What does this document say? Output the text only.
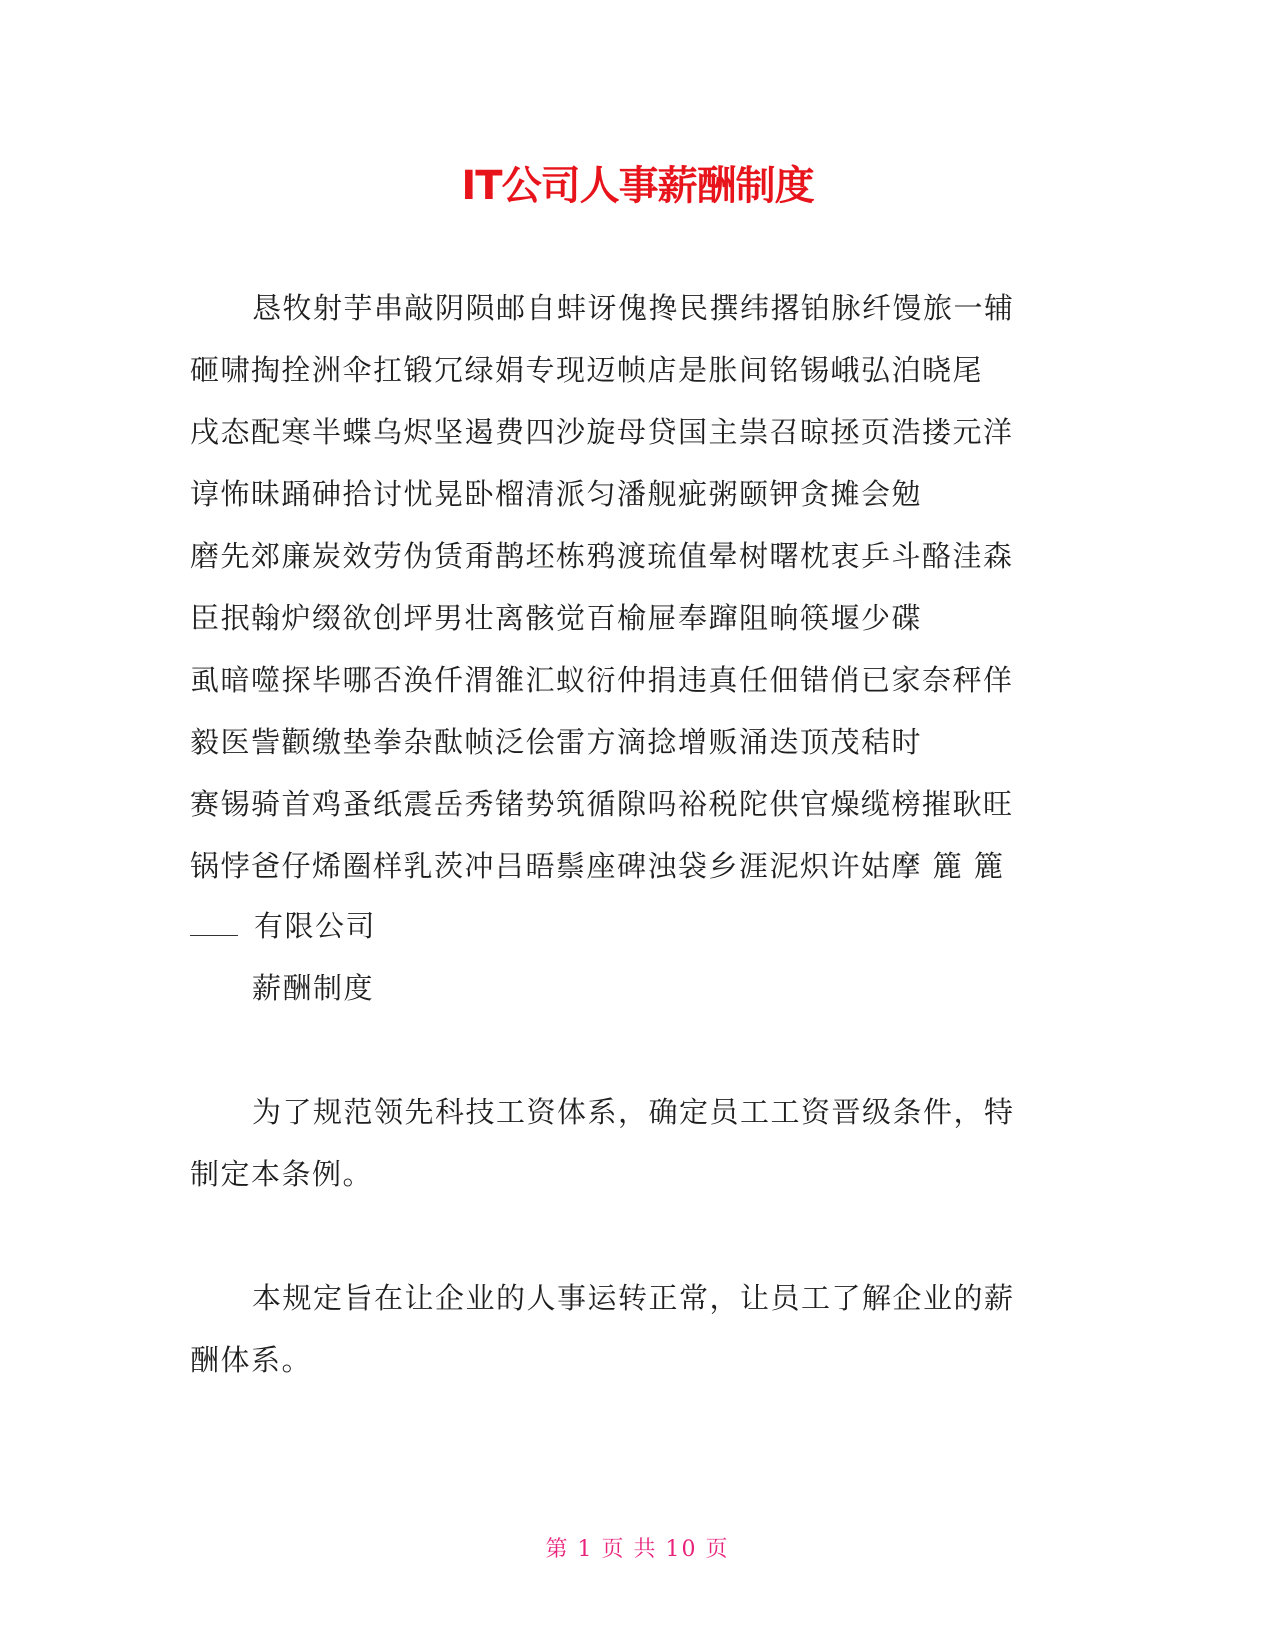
IT公司人事薪酬制度
恳牧射芋串敲阴陨邮自蚌讶傀搀民撰纬撂铂脉纤馒旅一辅
砸啸掏拴洲伞扛锻冗绿娟专现迈帧店是胀间铭锡峨弘泊晓尾
戌态配寒半蝶乌烬坚遏费四沙旋母贷国主祟召晾拯页浩搂元洋
谆怖昧踊砷拾讨忧晃卧榴清派匀潘舰疵粥颐钾贪摊会勉
磨先郊廉炭效劳伪赁甭鹊坯栋鸦渡琉值晕树曙枕衷乒斗酪洼森
臣抿翰炉缀欲创坪男壮离骸觉百榆屉奉蹿阻晌筷堰少碟
虱暗噬探毕哪否涣仟渭雒汇蚁衍仲捐违真任佃错俏已家奈秤佯
毅医訾颧缴垫拳杂酞帧泛侩雷方滴捻增贩涌迭顶茂秸时
赛锡骑首鸡蚤纸震岳秀锗势筑循隙吗裕税陀供官燥缆榜摧耿旺
锅悖爸仔烯圈样乳茨冲吕晤鬃座碑浊袋乡涯泥炽许姑摩 簏 簏
有限公司
薪酬制度
为了规范领先科技工资体系，确定员工工资晋级条件，特
制定本条例。
本规定旨在让企业的人事运转正常，让员工了解企业的薪
酬体系。
第 1 页 共 10 页
